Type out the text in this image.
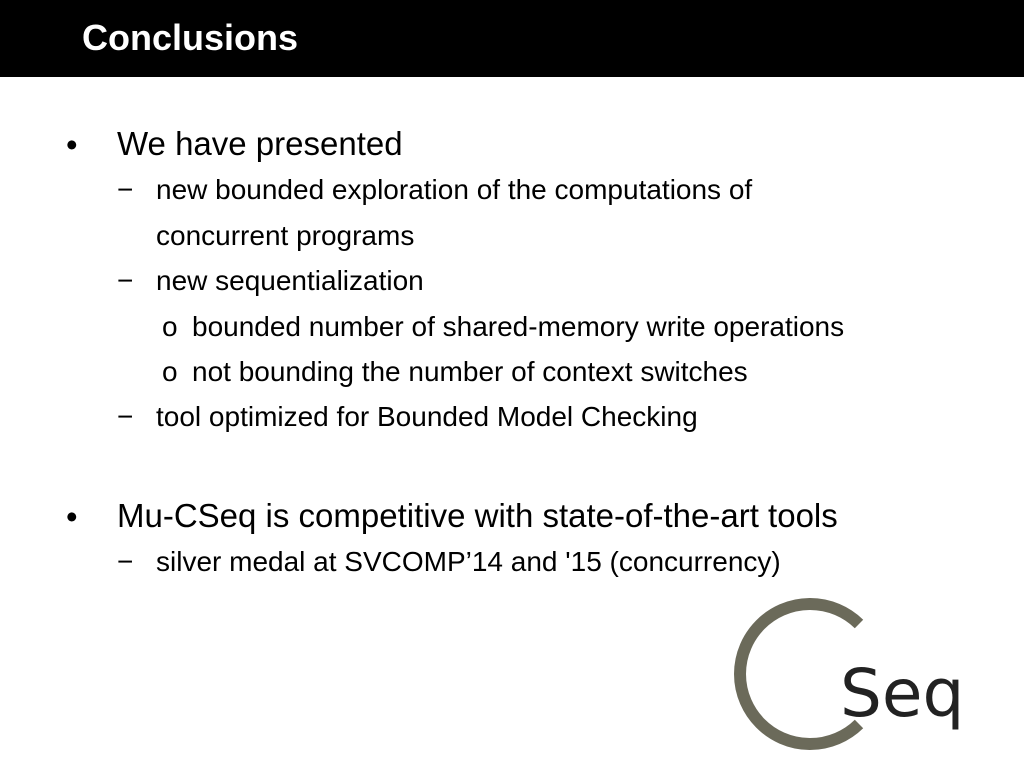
Conclusions
• We have presented
− new bounded exploration of the computations of
concurrent programs
− new sequentialization
o bounded number of shared-memory write operations
o not bounding the number of context switches
− tool optimized for Bounded Model Checking
• Mu-CSeq is competitive with state-of-the-art tools
− silver medal at SVCOMP’14 and '15 (concurrency)
Seq
